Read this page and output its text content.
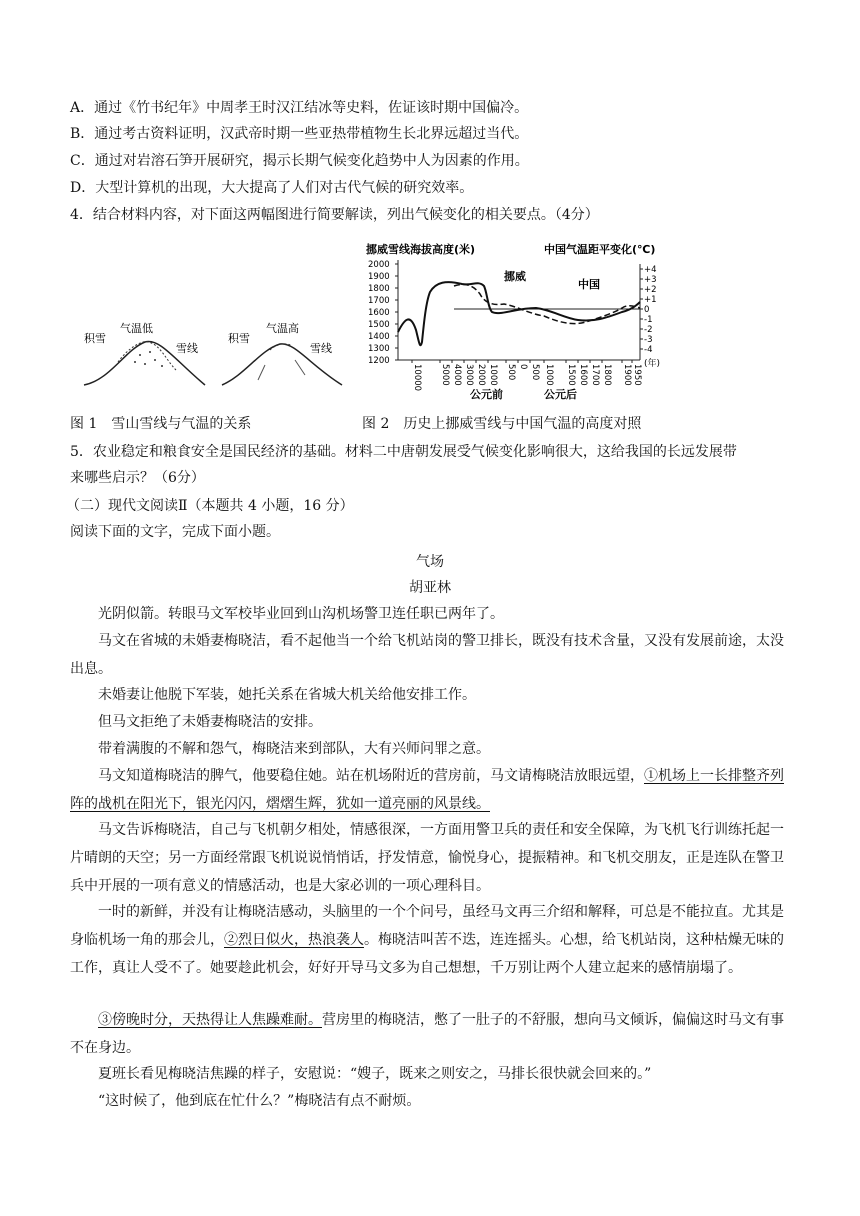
A．通过《竹书纪年》中周孝王时汉江结冰等史料，佐证该时期中国偏冷。
B．通过考古资料证明，汉武帝时期一些亚热带植物生长北界远超过当代。
C．通过对岩溶石笋开展研究，揭示长期气候变化趋势中人为因素的作用。
D．大型计算机的出现，大大提高了人们对古代气候的研究效率。
4．结合材料内容，对下面这两幅图进行简要解读，列出气候变化的相关要点。（4分）
气温低
积雪
雪线
气温高
积雪
雪线
挪威雪线海拔高度(米)	中国气温距平变化(℃)
2000
1900
1800
1700
1600
1500
1400
1300
1200
+4
+3
+2
+1
0
-1
-2
-3
-4
10000 5000 4000 3000 2000 1000 500 0 500 1000 1500 1600 1700 1800 1900 1950 (年)
挪威
中国
公元前	公元后
图 1　雪山雪线与气温的关系	图 2　历史上挪威雪线与中国气温的高度对照
5．农业稳定和粮食安全是国民经济的基础。材料二中唐朝发展受气候变化影响很大，这给我国的长远发展带
来哪些启示？（6分）
（二）现代文阅读Ⅱ（本题共 4 小题，16 分）
阅读下面的文字，完成下面小题。
气场
胡亚林
光阴似箭。转眼马文军校毕业回到山沟机场警卫连任职已两年了。
马文在省城的未婚妻梅晓洁，看不起他当一个给飞机站岗的警卫排长，既没有技术含量，又没有发展前途，太没出息。
未婚妻让他脱下军装，她托关系在省城大机关给他安排工作。
但马文拒绝了未婚妻梅晓洁的安排。
带着满腹的不解和怨气，梅晓洁来到部队，大有兴师问罪之意。
马文知道梅晓洁的脾气，他要稳住她。站在机场附近的营房前，马文请梅晓洁放眼远望，①机场上一长排整齐列阵的战机在阳光下，银光闪闪，熠熠生辉，犹如一道亮丽的风景线。
马文告诉梅晓洁，自己与飞机朝夕相处，情感很深，一方面用警卫兵的责任和安全保障，为飞机飞行训练托起一片晴朗的天空；另一方面经常跟飞机说说悄悄话，抒发情意，愉悦身心，提振精神。和飞机交朋友，正是连队在警卫兵中开展的一项有意义的情感活动，也是大家必训的一项心理科目。
一时的新鲜，并没有让梅晓洁感动，头脑里的一个个问号，虽经马文再三介绍和解释，可总是不能拉直。尤其是身临机场一角的那会儿，②烈日似火，热浪袭人。梅晓洁叫苦不迭，连连摇头。心想，给飞机站岗，这种枯燥无味的工作，真让人受不了。她要趁此机会，好好开导马文多为自己想想，千万别让两个人建立起来的感情崩塌了。
③傍晚时分，天热得让人焦躁难耐。营房里的梅晓洁，憋了一肚子的不舒服，想向马文倾诉，偏偏这时马文有事不在身边。
夏班长看见梅晓洁焦躁的样子，安慰说：“嫂子，既来之则安之，马排长很快就会回来的。”
“这时候了，他到底在忙什么？”梅晓洁有点不耐烦。
